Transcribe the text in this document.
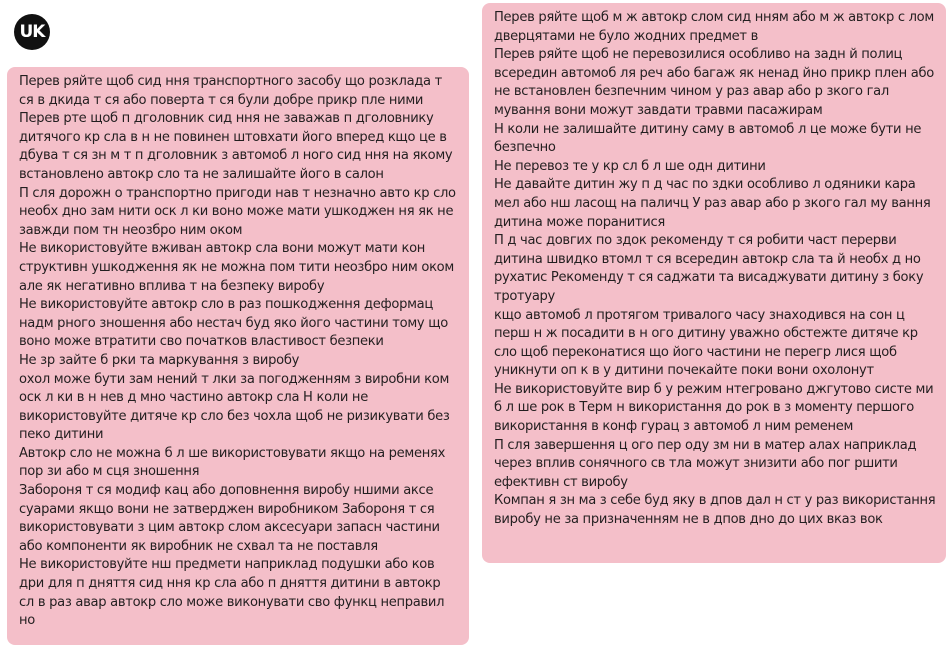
UK

Перев ряйте щоб сид ння транспортного засобу що розклада т ся в дкида т ся або поверта т ся були добре прикр пле ними

Перев рте щоб п дголовник сид ння не заважав п дголовнику дитячого кр сла в н не повинен штовхати його вперед кщо це в дбува т ся зн м т п дголовник з автомоб л ного сид ння на якому встановлено автокр сло та не залишайте його в салон

П сля дорожн о транспортно пригоди нав т незначно авто кр сло необх дно зам нити оск л ки воно може мати ушкоджен ня як не завжди пом тн неозбро ним оком

Не використовуйте вживан автокр сла вони можут мати кон структивн ушкодження як не можна пом тити неозбро ним оком але як негативно вплива т на безпеку виробу

Не використовуйте автокр сло в раз пошкодження деформац надм рного зношення або нестач буд яко його частини тому що воно може втратити сво початков властивост безпеки

Не зр зайте б рки та маркування з виробу

охол може бути зам нений т лки за погодженням з виробни ком оск л ки в н нев д мно частино автокр сла Н коли не використовуйте дитяче кр сло без чохла щоб не ризикувати без пеко дитини

Автокр сло не можна б л ше використовувати якщо на ременях пор зи або м сця зношення

Забороня т ся модиф кац або доповнення виробу ншими аксе суарами якщо вони не затверджен виробником Забороня т ся використовувати з цим автокр слом аксесуари запасн частини або компоненти як виробник не схвал та не поставля

Не використовуйте нш предмети наприклад подушки або ков дри для п дняття сид ння кр сла або п дняття дитини в автокр сл в раз авар автокр сло може виконувати сво функц неправил но

Перев ряйте щоб м ж автокр слом сид нням або м ж автокр с лом дверцятами не було жодних предмет в

Перев ряйте щоб не перевозилися особливо на задн й полиц всередин автомоб ля реч або багаж як ненад йно прикр плен або не встановлен безпечним чином у раз авар або р зкого гал мування вони можут завдати травми пасажирам

Н коли не залишайте дитину саму в автомоб л це може бути не безпечно

Не перевоз те у кр сл б л ше одн дитини

Не давайте дитин жу п д час по здки особливо л одяники кара мел або нш ласощ на паличц У раз авар або р зкого гал му вання дитина може поранитися

П д час довгих по здок рекоменду т ся робити част перерви дитина швидко втомл т ся всередин автокр сла та й необх д но рухатис Рекоменду т ся саджати та висаджувати дитину з боку тротуару

кщо автомоб л протягом тривалого часу знаходився на сон ц перш н ж посадити в н ого дитину уважно обстежте дитяче кр сло щоб переконатися що його частини не перегр лися щоб уникнути оп к в у дитини почекайте поки вони охолонут

Не використовуйте вир б у режим нтегровано джгутово систе ми б л ше рок в Терм н використання до рок в з моменту першого використання в конф гурац з автомоб л ним ременем

П сля завершення ц ого пер оду зм ни в матер алах наприклад через вплив сонячного св тла можут знизити або пог ршити ефективн ст виробу

Компан я зн ма з себе буд яку в дпов дал н ст у раз використання виробу не за призначенням не в дпов дно до цих вказ вок
